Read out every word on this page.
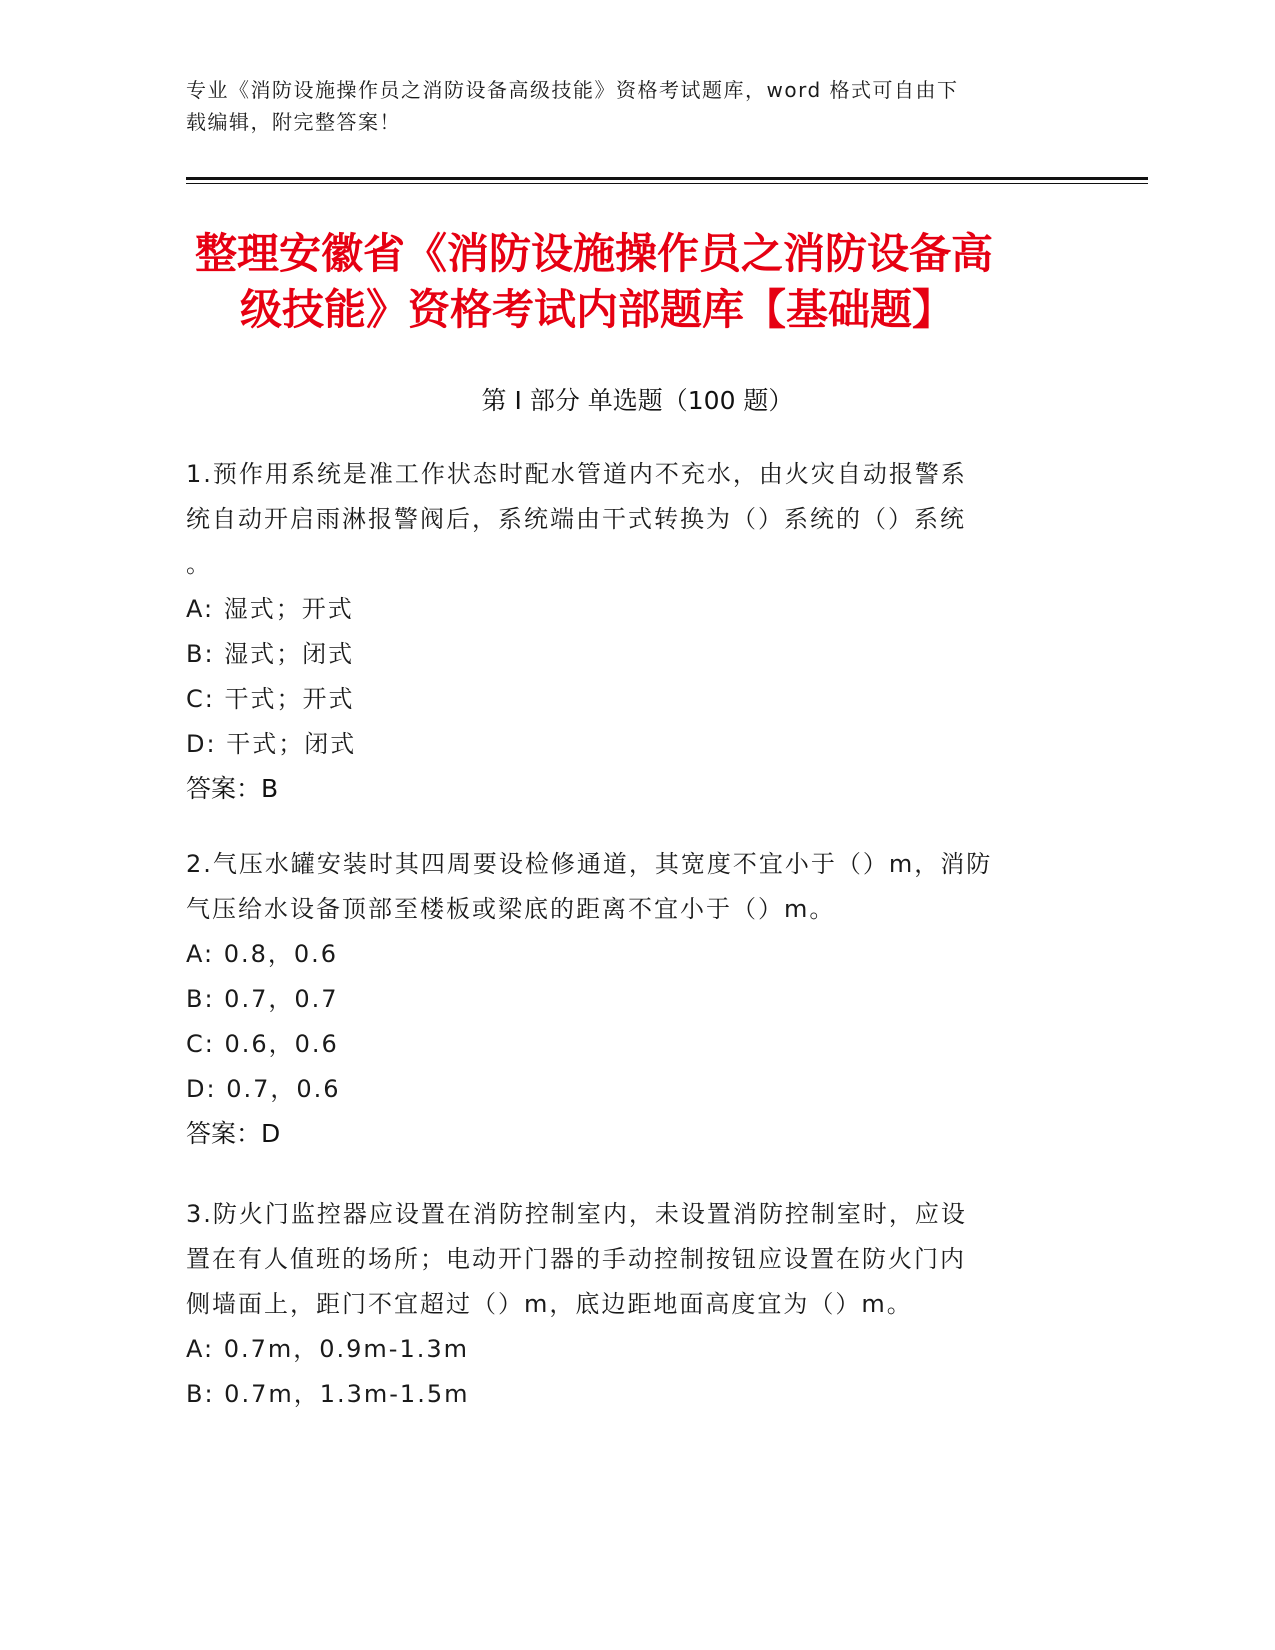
专业《消防设施操作员之消防设备高级技能》资格考试题库，word 格式可自由下
载编辑，附完整答案！
整理安徽省《消防设施操作员之消防设备高
级技能》资格考试内部题库【基础题】
第 I 部分 单选题（100 题）
1.预作用系统是准工作状态时配水管道内不充水，由火灾自动报警系
统自动开启雨淋报警阀后，系统端由干式转换为（）系统的（）系统
。
A: 湿式；开式
B: 湿式；闭式
C: 干式；开式
D: 干式；闭式
答案：B
2.气压水罐安装时其四周要设检修通道，其宽度不宜小于（）m，消防
气压给水设备顶部至楼板或梁底的距离不宜小于（）m。
A: 0.8，0.6
B: 0.7，0.7
C: 0.6，0.6
D: 0.7，0.6
答案：D
3.防火门监控器应设置在消防控制室内，未设置消防控制室时，应设
置在有人值班的场所；电动开门器的手动控制按钮应设置在防火门内
侧墙面上，距门不宜超过（）m，底边距地面高度宜为（）m。
A: 0.7m，0.9m-1.3m
B: 0.7m，1.3m-1.5m
